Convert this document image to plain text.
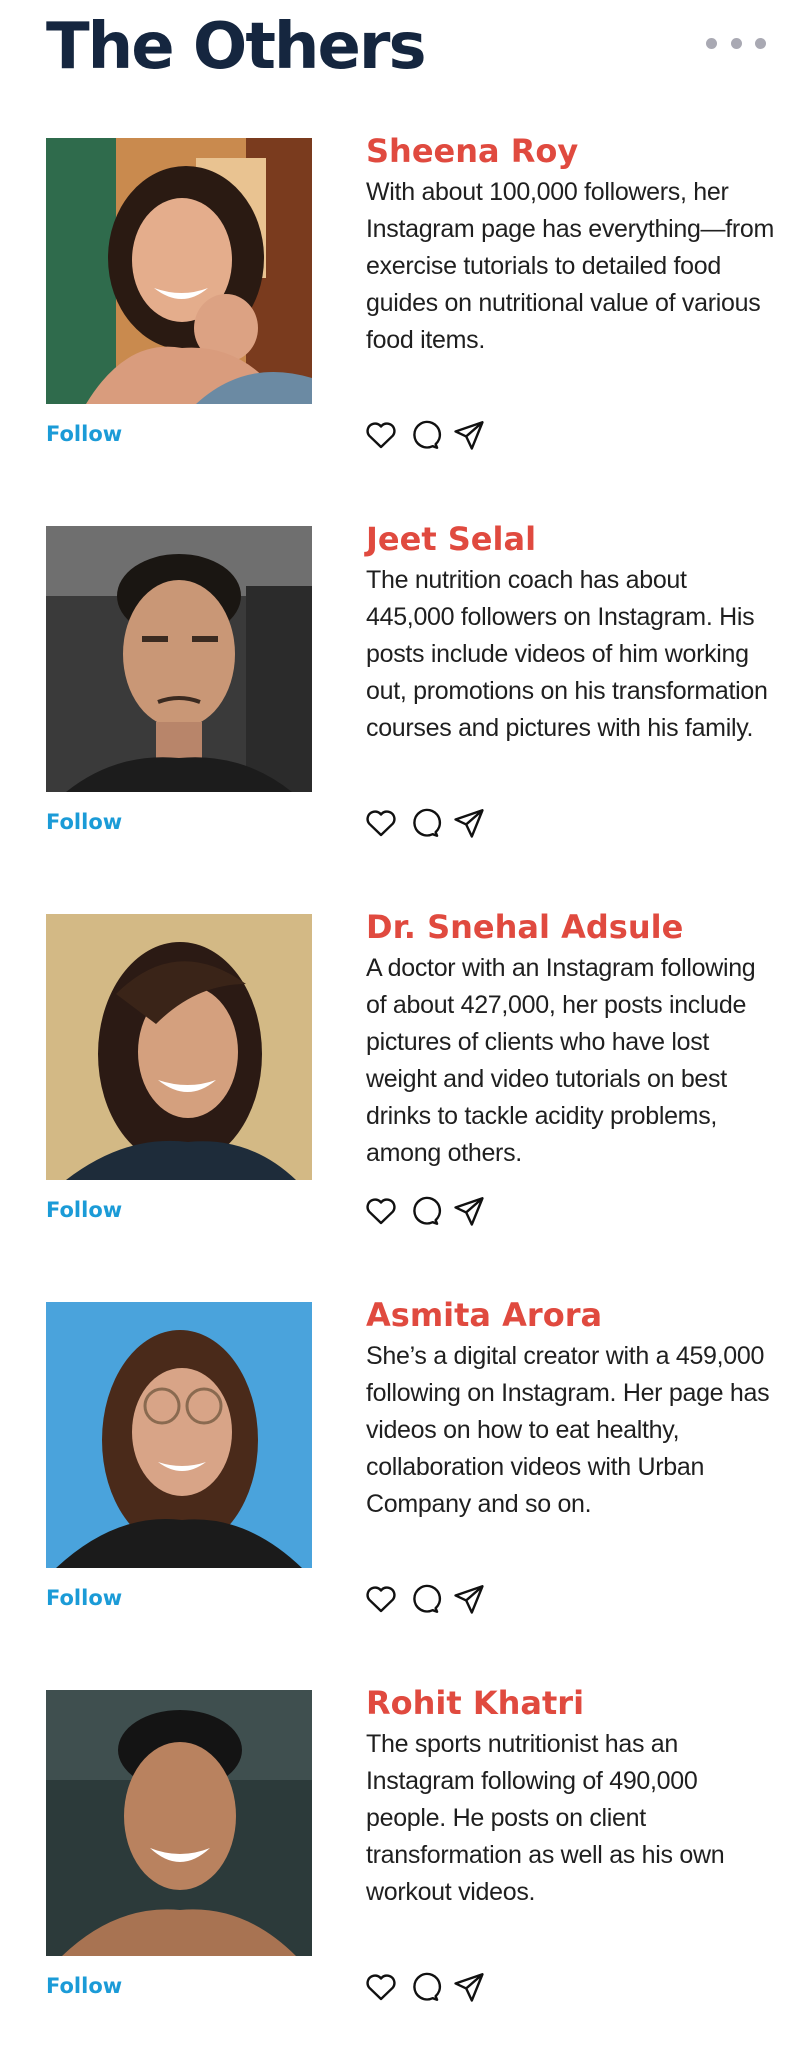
The Others
Follow
Sheena Roy
With about 100,000 followers, her Instagram page has everything—from exercise tutorials to detailed food guides on nutritional value of various food items.
Follow
Jeet Selal
The nutrition coach has about 445,000 followers on Instagram. His posts include videos of him working out, promotions on his transformation courses and pictures with his family.
Follow
Dr. Snehal Adsule
A doctor with an Instagram following of about 427,000, her posts include pictures of clients who have lost weight and video tutorials on best drinks to tackle acidity problems, among others.
Follow
Asmita Arora
She’s a digital creator with a 459,000 following on Instagram. Her page has videos on how to eat healthy, collaboration videos with Urban Company and so on.
Follow
Rohit Khatri
The sports nutritionist has an Instagram following of 490,000 people. He posts on client transformation as well as his own workout videos.
